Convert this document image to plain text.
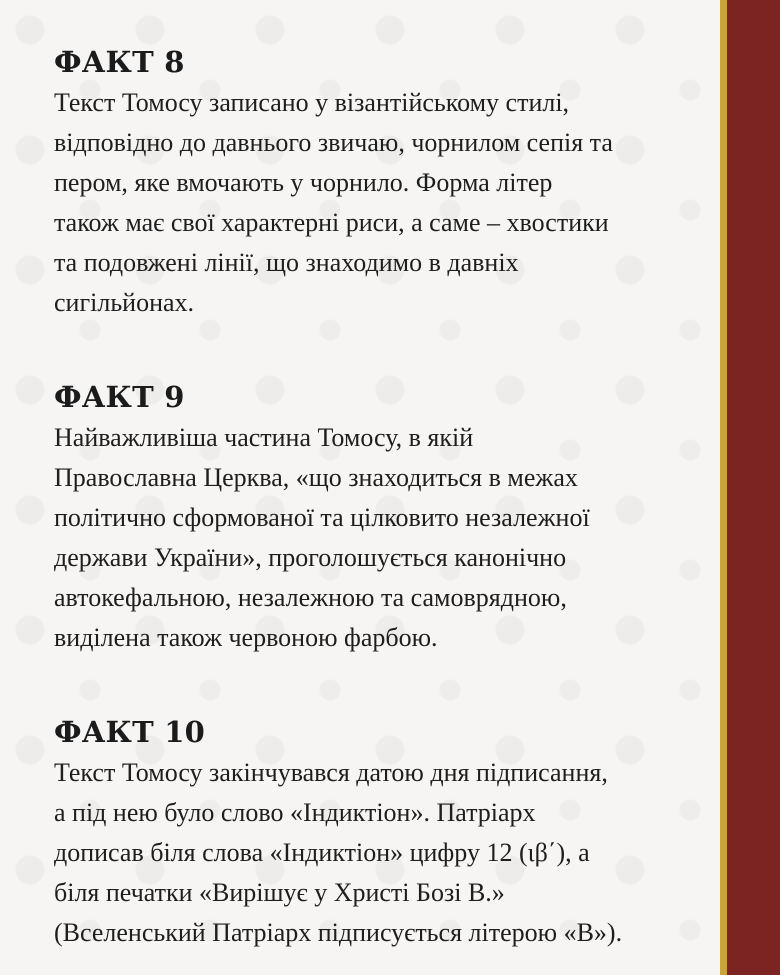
ФАКТ 8

Текст Томосу записано у візантійському стилі,
відповідно до давнього звичаю, чорнилом сепія та
пером, яке вмочають у чорнило. Форма літер
також має свої характерні риси, а саме – хвостики
та подовжені лінії, що знаходимо в давніх
сигільйонах.

ФАКТ 9

Найважливіша частина Томосу, в якій
Православна Церква, «що знаходиться в межах
політично сформованої та цілковито незалежної
держави України», проголошується канонічно
автокефальною, незалежною та самоврядною,
виділена також червоною фарбою.

ФАКТ 10

Текст Томосу закінчувався датою дня підписання,
а під нею було слово «Індиктіон». Патріарх
дописав біля слова «Індиктіон» цифру 12 (ιβ΄), а
біля печатки «Вирішує у Христі Бозі В.»
(Вселенський Патріарх підписується літерою «В»).
